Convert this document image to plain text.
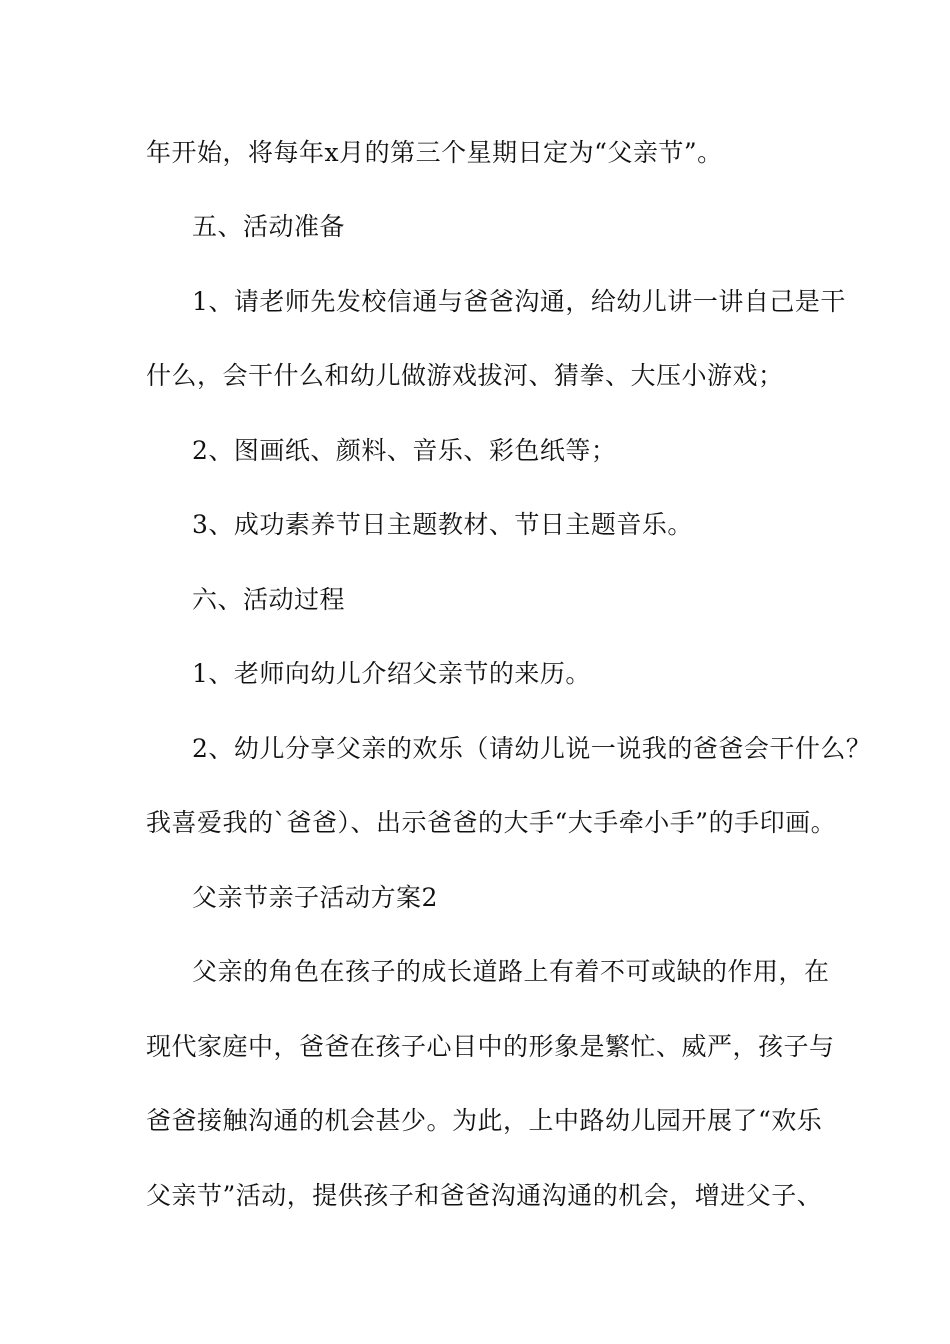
年开始，将每年x月的第三个星期日定为“父亲节”。
五、活动准备
1、请老师先发校信通与爸爸沟通，给幼儿讲一讲自己是干
什么，会干什么和幼儿做游戏拔河、猜拳、大压小游戏；
2、图画纸、颜料、音乐、彩色纸等；
3、成功素养节日主题教材、节日主题音乐。
六、活动过程
1、老师向幼儿介绍父亲节的来历。
2、幼儿分享父亲的欢乐（请幼儿说一说我的爸爸会干什么？
我喜爱我的`爸爸）、出示爸爸的大手“大手牵小手”的手印画。
父亲节亲子活动方案2
父亲的角色在孩子的成长道路上有着不可或缺的作用，在
现代家庭中，爸爸在孩子心目中的形象是繁忙、威严，孩子与
爸爸接触沟通的机会甚少。为此，上中路幼儿园开展了“欢乐
父亲节”活动，提供孩子和爸爸沟通沟通的机会，增进父子、
